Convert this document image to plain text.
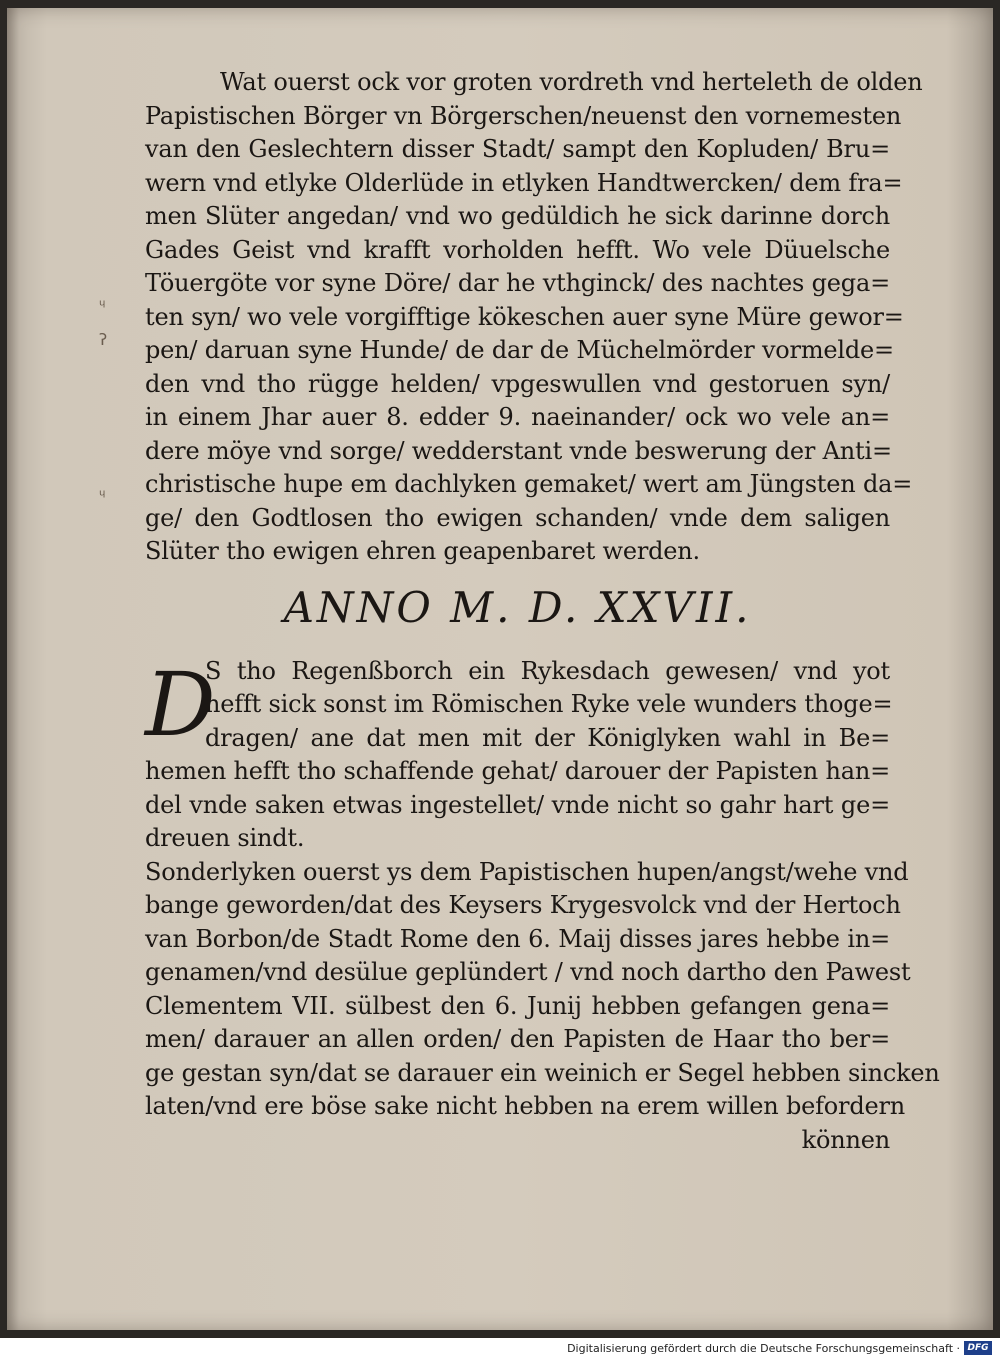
ᶣ
ʔ
ᶣ
Wat ouerst ock vor groten vordreth vnd herteleth de olden
Papistischen Börger vn Börgerschen/neuenst den vornemesten
van den Geslechtern disser Stadt/ sampt den Kopluden/ Bru=
wern vnd etlyke Olderlüde in etlyken Handtwercken/ dem fra=
men Slüter angedan/ vnd wo gedüldich he sick darinne dorch
Gades Geist vnd krafft vorholden hefft. Wo vele Düuelsche
Töuergöte vor syne Döre/ dar he vthginck/ des nachtes gega=
ten syn/ wo vele vorgifftige kökeschen auer syne Müre gewor=
pen/ daruan syne Hunde/ de dar de Müchelmörder vormelde=
den vnd tho rügge helden/ vpgeswullen vnd gestoruen syn/
in einem Jhar auer 8. edder 9. naeinander/ ock wo vele an=
dere möye vnd sorge/ wedderstant vnde beswerung der Anti=
christische hupe em dachlyken gemaket/ wert am Jüngsten da=
ge/ den Godtlosen tho ewigen schanden/ vnde dem saligen
Slüter tho ewigen ehren geapenbaret werden.
ANNO M. D. XXVII.
D
S tho Regenßborch ein Rykesdach gewesen/ vnd yot
hefft sick sonst im Römischen Ryke vele wunders thoge=
dragen/ ane dat men mit der Königlyken wahl in Be=
hemen hefft tho schaffende gehat/ darouer der Papisten han=
del vnde saken etwas ingestellet/ vnde nicht so gahr hart ge=
dreuen sindt.
Sonderlyken ouerst ys dem Papistischen hupen/angst/wehe vnd
bange geworden/dat des Keysers Krygesvolck vnd der Hertoch
van Borbon/de Stadt Rome den 6. Maij disses jares hebbe in=
genamen/vnd desülue geplündert / vnd noch dartho den Pawest
Clementem VII. sülbest den 6. Junij hebben gefangen gena=
men/ darauer an allen orden/ den Papisten de Haar tho ber=
ge gestan syn/dat se darauer ein weinich er Segel hebben sincken
laten/vnd ere böse sake nicht hebben na erem willen befordern
können
Digitalisierung gefördert durch die Deutsche Forschungsgemeinschaft · DFG
